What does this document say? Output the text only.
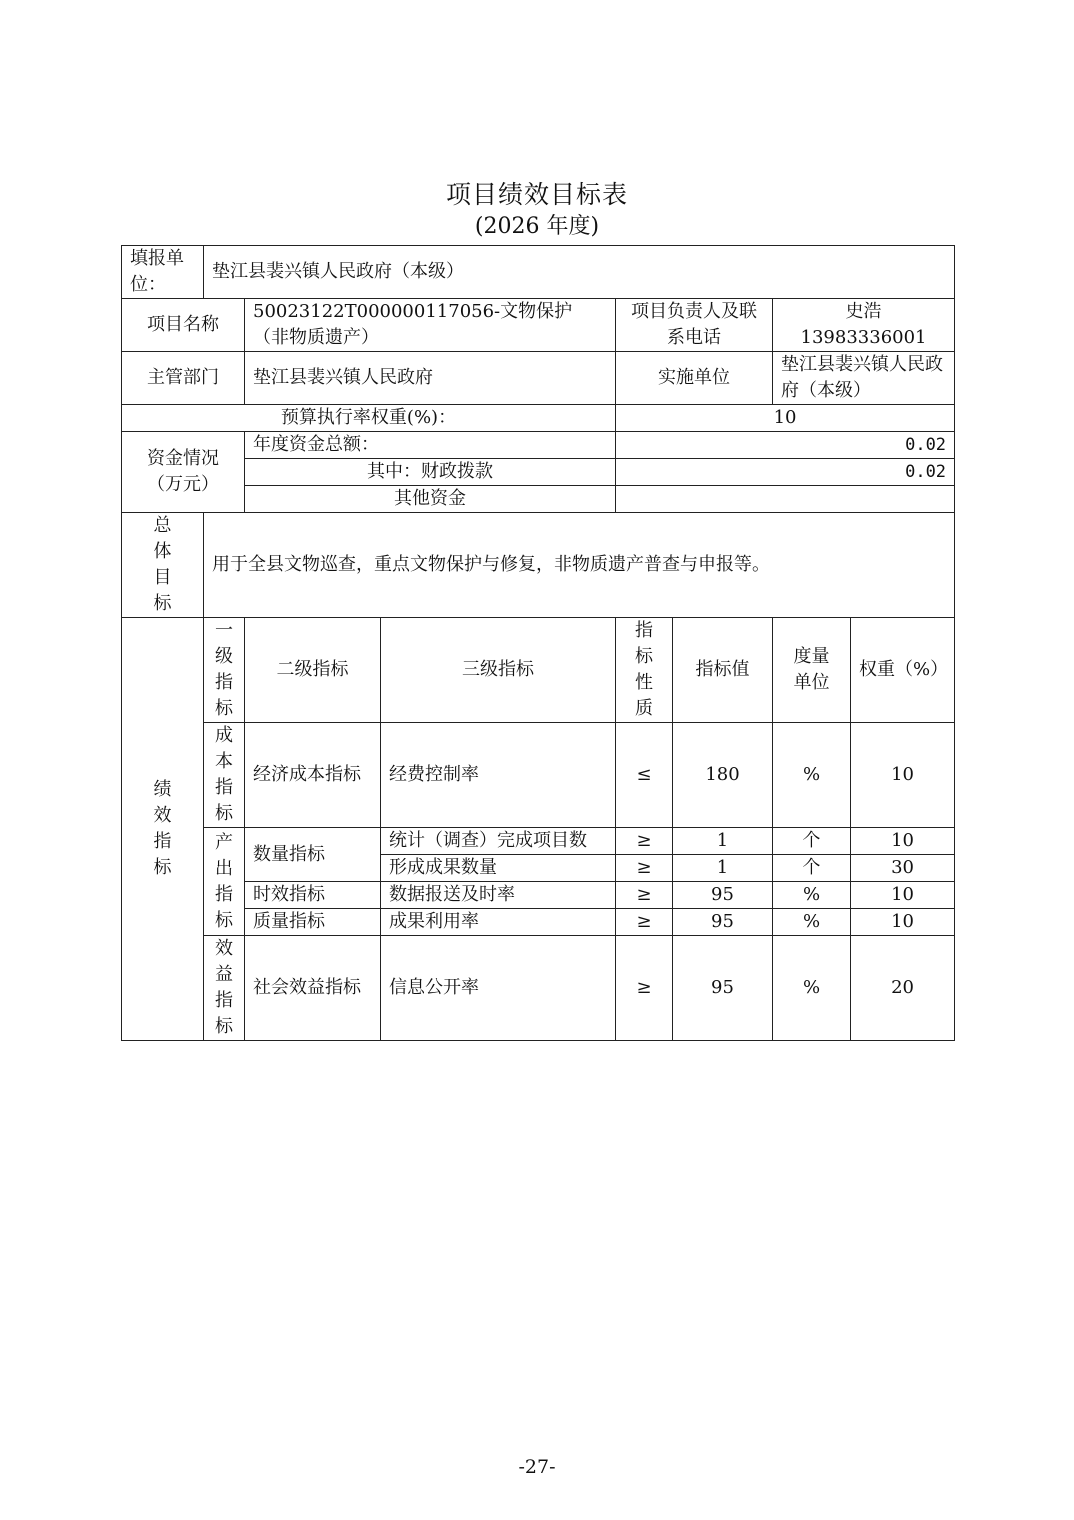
项目绩效目标表
(2026 年度)
填报单位：	垫江县裴兴镇人民政府（本级）						
项目名称		50023122T000000117056-文物保护（非物质遗产）		项目负责人及联系电话		史浩 13983336001	
主管部门		垫江县裴兴镇人民政府		实施单位		垫江县裴兴镇人民政府（本级）	
预算执行率权重(%)：				10			
资金情况（万元）		年度资金总额：		0.02			
		其中：财政拨款		0.02			
		其他资金					

总体目标	用于全县文物巡查，重点文物保护与修复，非物质遗产普查与申报等。						

绩效指标	一级指标	二级指标	三级指标	指标性质	指标值	度量单位	权重（%）

	成本指标	经济成本指标	经费控制率	≤	180	%	10

	产出指标	数量指标	统计（调查）完成项目数	≥	1	个	10
			形成成果数量	≥	1	个	30
		时效指标	数据报送及时率	≥	95	%	10
		质量指标	成果利用率	≥	95	%	10

	效益指标	社会效益指标	信息公开率	≥	95	%	20
-27-
